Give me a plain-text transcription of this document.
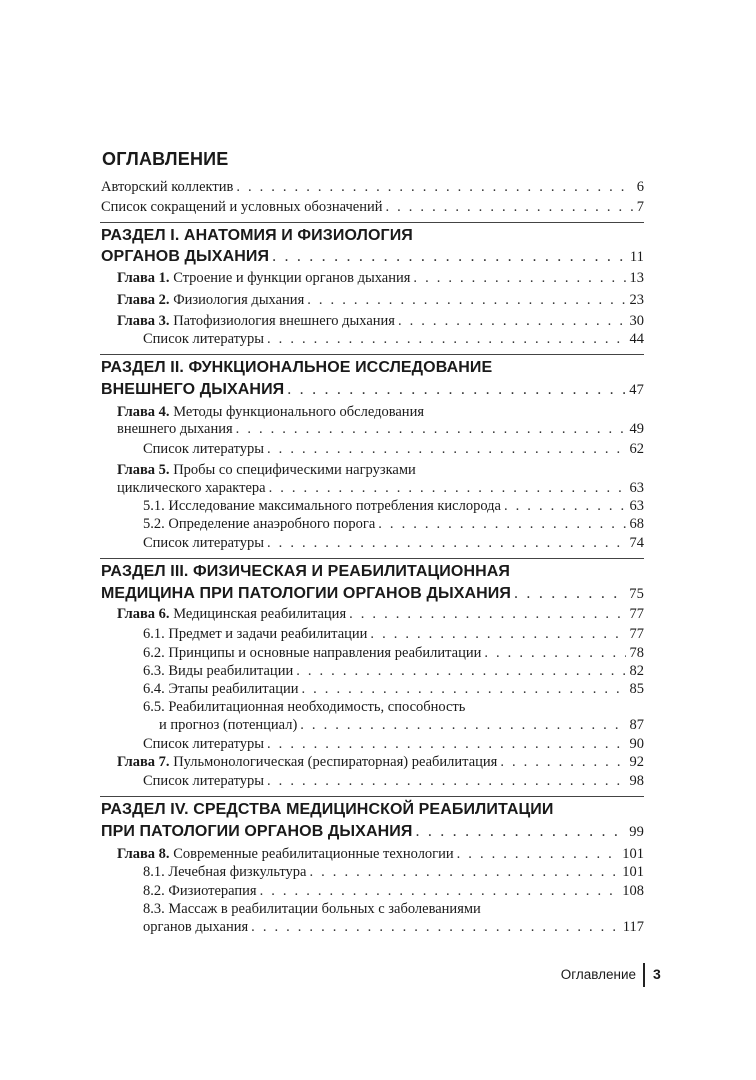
ОГЛАВЛЕНИЕ
Авторский коллектив . . .	6
Список сокращений и условных обозначений . . .	7
РАЗДЕЛ I. АНАТОМИЯ И ФИЗИОЛОГИЯ
ОРГАНОВ ДЫХАНИЯ . . .	11
Глава 1. Строение и функции органов дыхания . . .	13
Глава 2. Физиология дыхания . . .	23
Глава 3. Патофизиология внешнего дыхания . . .	30
Список литературы . . .	44
РАЗДЕЛ II. ФУНКЦИОНАЛЬНОЕ ИССЛЕДОВАНИЕ
ВНЕШНЕГО ДЫХАНИЯ . . .	47
Глава 4. Методы функционального обследования
внешнего дыхания . . .	49
Список литературы . . .	62
Глава 5. Пробы со специфическими нагрузками
циклического характера . . .	63
5.1. Исследование максимального потребления кислорода . . .	63
5.2. Определение анаэробного порога . . .	68
Список литературы . . .	74
РАЗДЕЛ III. ФИЗИЧЕСКАЯ И РЕАБИЛИТАЦИОННАЯ
МЕДИЦИНА ПРИ ПАТОЛОГИИ ОРГАНОВ ДЫХАНИЯ . . .	75
Глава 6. Медицинская реабилитация . . .	77
6.1. Предмет и задачи реабилитации . . .	77
6.2. Принципы и основные направления реабилитации . . .	78
6.3. Виды реабилитации . . .	82
6.4. Этапы реабилитации . . .	85
6.5. Реабилитационная необходимость, способность
и прогноз (потенциал) . . .	87
Список литературы . . .	90
Глава 7. Пульмонологическая (респираторная) реабилитация . . .	92
Список литературы . . .	98
РАЗДЕЛ IV. СРЕДСТВА МЕДИЦИНСКОЙ РЕАБИЛИТАЦИИ
ПРИ ПАТОЛОГИИ ОРГАНОВ ДЫХАНИЯ . . .	99
Глава 8. Современные реабилитационные технологии . . .	101
8.1. Лечебная физкультура . . .	101
8.2. Физиотерапия . . .	108
8.3. Массаж в реабилитации больных с заболеваниями
органов дыхания . . .	117
Оглавление 3
